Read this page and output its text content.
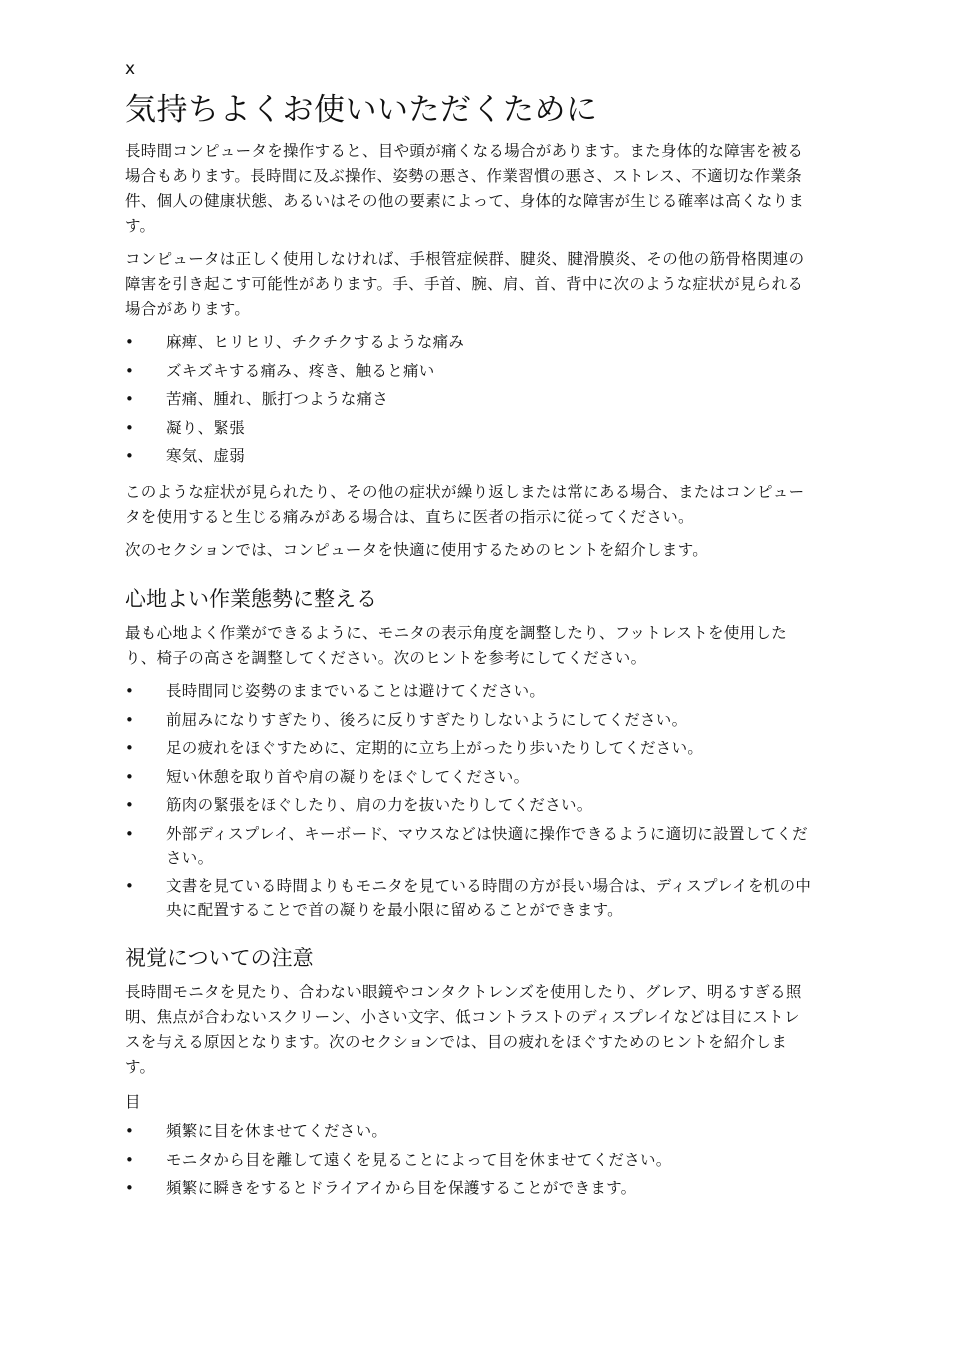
x
気持ちよくお使いいただくために

長時間コンピュータを操作すると、目や頭が痛くなる場合があります。また身体的な障害を被る場合もあります。長時間に及ぶ操作、姿勢の悪さ、作業習慣の悪さ、ストレス、不適切な作業条件、個人の健康状態、あるいはその他の要素によって、身体的な障害が生じる確率は高くなります。

コンピュータは正しく使用しなければ、手根管症候群、腱炎、腱滑膜炎、その他の筋骨格関連の障害を引き起こす可能性があります。手、手首、腕、肩、首、背中に次のような症状が見られる場合があります。

• 麻痺、ヒリヒリ、チクチクするような痛み
• ズキズキする痛み、疼き、触ると痛い
• 苦痛、腫れ、脈打つような痛さ
• 凝り、緊張
• 寒気、虚弱

このような症状が見られたり、その他の症状が繰り返しまたは常にある場合、またはコンピュータを使用すると生じる痛みがある場合は、直ちに医者の指示に従ってください。

次のセクションでは、コンピュータを快適に使用するためのヒントを紹介します。

心地よい作業態勢に整える

最も心地よく作業ができるように、モニタの表示角度を調整したり、フットレストを使用したり、椅子の高さを調整してください。次のヒントを参考にしてください。

• 長時間同じ姿勢のままでいることは避けてください。
• 前屈みになりすぎたり、後ろに反りすぎたりしないようにしてください。
• 足の疲れをほぐすために、定期的に立ち上がったり歩いたりしてください。
• 短い休憩を取り首や肩の凝りをほぐしてください。
• 筋肉の緊張をほぐしたり、肩の力を抜いたりしてください。
• 外部ディスプレイ、キーボード、マウスなどは快適に操作できるように適切に設置してください。
• 文書を見ている時間よりもモニタを見ている時間の方が長い場合は、ディスプレイを机の中央に配置することで首の凝りを最小限に留めることができます。
視覚についての注意

長時間モニタを見たり、合わない眼鏡やコンタクトレンズを使用したり、グレア、明るすぎる照明、焦点が合わないスクリーン、小さい文字、低コントラストのディスプレイなどは目にストレスを与える原因となります。次のセクションでは、目の疲れをほぐすためのヒントを紹介します。

目

• 頻繁に目を休ませてください。
• モニタから目を離して遠くを見ることによって目を休ませてください。
• 頻繁に瞬きをするとドライアイから目を保護することができます。
